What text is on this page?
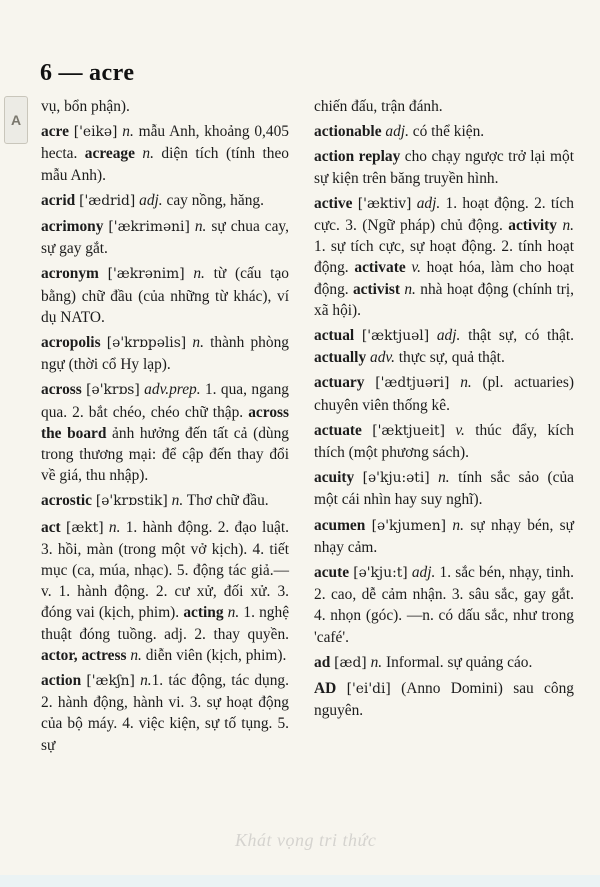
6 — acre
A

vụ, bổn phận).

acre ['eikə] n. mẫu Anh, khoảng 0,405 hecta. acreage n. diện tích (tính theo mẫu Anh).

acrid ['ædrid] adj. cay nồng, hăng.

acrimony ['ækriməni] n. sự chua cay, sự gay gắt.

acronym ['ækrənim] n. từ (cấu tạo bằng) chữ đầu (của những từ khác), ví dụ NATO.

acropolis [ə'krɒpəlis] n. thành phòng ngự (thời cổ Hy lạp).

across [ə'krɒs] adv.prep. 1. qua, ngang qua. 2. bắt chéo, chéo chữ thập. across the board ảnh hưởng đến tất cả (dùng trong thương mại: để cập đến thay đổi về giá, thu nhập).

acrostic [ə'krɒstik] n. Thơ chữ đầu.

act [ækt] n. 1. hành động. 2. đạo luật. 3. hồi, màn (trong một vở kịch). 4. tiết mục (ca, múa, nhạc). 5. động tác giả.— v. 1. hành động. 2. cư xử, đối xử. 3. đóng vai (kịch, phim). acting n. 1. nghệ thuật đóng tuồng. adj. 2. thay quyền. actor, actress n. diễn viên (kịch, phim).

action ['ækʃn] n.1. tác động, tác dụng. 2. hành động, hành vi. 3. sự hoạt động của bộ máy. 4. việc kiện, sự tố tụng. 5. sự

chiến đấu, trận đánh.

actionable adj. có thể kiện.

action replay cho chạy ngược trở lại một sự kiện trên băng truyền hình.

active ['æktiv] adj. 1. hoạt động. 2. tích cực. 3. (Ngữ pháp) chủ động. activity n. 1. sự tích cực, sự hoạt động. 2. tính hoạt động. activate v. hoạt hóa, làm cho hoạt động. activist n. nhà hoạt động (chính trị, xã hội).

actual ['æktjuəl] adj. thật sự, có thật. actually adv. thực sự, quả thật.

actuary ['ædtjuəri] n. (pl. actuaries) chuyên viên thống kê.

actuate ['æktjueit] v. thúc đẩy, kích thích (một phương sách).

acuity [ə'kju:əti] n. tính sắc sảo (của một cái nhìn hay suy nghĩ).

acumen [ə'kjumen] n. sự nhạy bén, sự nhạy cảm.

acute [ə'kju:t] adj. 1. sắc bén, nhạy, tinh. 2. cao, dễ cảm nhận. 3. sâu sắc, gay gắt. 4. nhọn (góc). —n. có dấu sắc, như trong 'café'.

ad [æd] n. Informal. sự quảng cáo.

AD ['ei'di] (Anno Domini) sau công nguyên.

Khát vọng tri thức
